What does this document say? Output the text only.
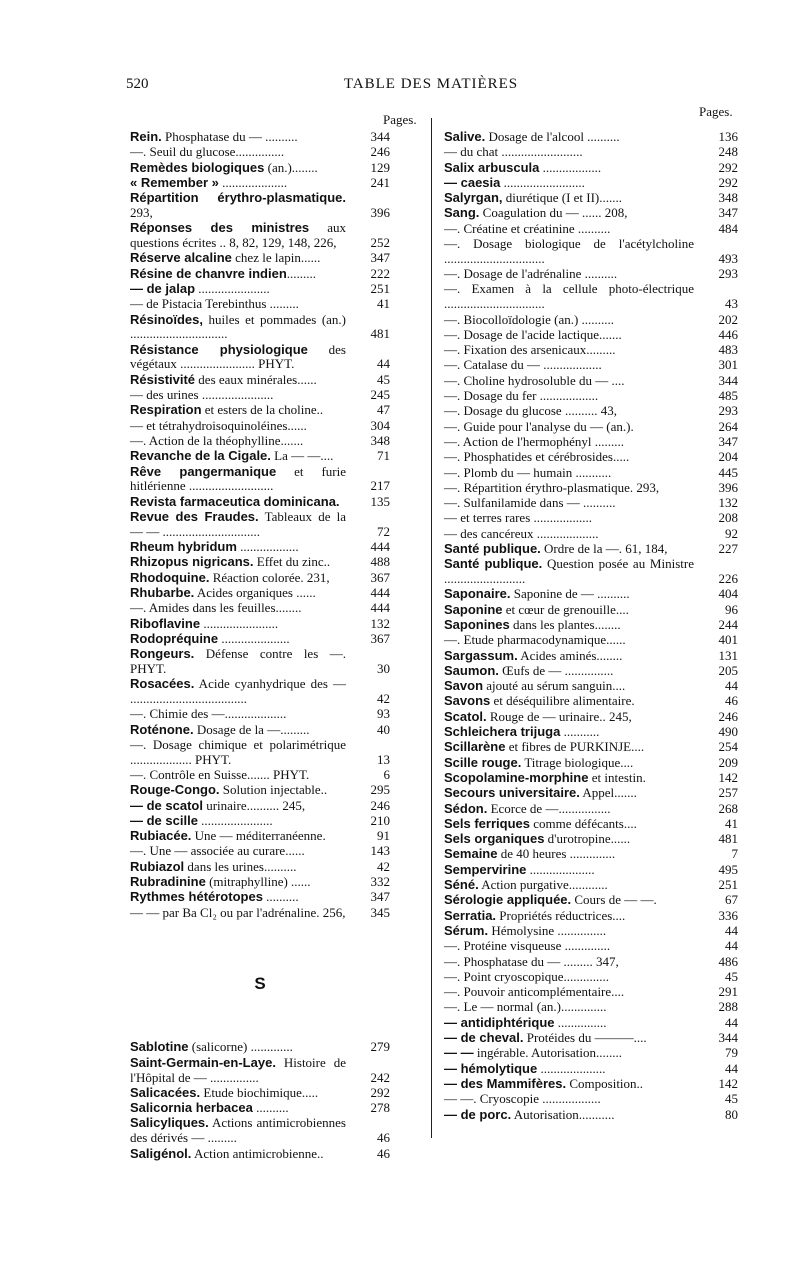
520	TABLE DES MATIÈRES
Pages.
Pages.
Rein. Phosphatase du — ..........	344
—. Seuil du glucose...............	246
Remèdes biologiques (an.)........	129
« Remember » ....................	241
Répartition érythro-plasmatique. 293,	396
Réponses des ministres aux questions écrites .. 8, 82, 129, 148, 226,	252
Réserve alcaline chez le lapin......	347
Résine de chanvre indien.........	222
— de jalap ......................	251
— de Pistacia Terebinthus .........	41
Résinoïdes, huiles et pommades (an.) ..............................	481
Résistance physiologique des végétaux ....................... PHYT.	44
Résistivité des eaux minérales......	45
— des urines ......................	245
Respiration et esters de la choline..	47
— et tétrahydroisoquinoléines......	304
—. Action de la théophylline.......	348
Revanche de la Cigale. La — —....	71
Rêve pangermanique et furie hitlérienne ..........................	217
Revista farmaceutica dominicana.	135
Revue des Fraudes. Tableaux de la — — ..............................	72
Rheum hybridum ..................	444
Rhizopus nigricans. Effet du zinc..	488
Rhodoquine. Réaction colorée. 231,	367
Rhubarbe. Acides organiques ......	444
—. Amides dans les feuilles........	444
Riboflavine .......................	132
Rodopréquine .....................	367
Rongeurs. Défense contre les —. PHYT.	30
Rosacées. Acide cyanhydrique des — ....................................	42
—. Chimie des —...................	93
Roténone. Dosage de la —.........	40
—. Dosage chimique et polarimétrique ................... PHYT.	13
—. Contrôle en Suisse....... PHYT.	6
Rouge-Congo. Solution injectable..	295
— de scatol urinaire.......... 245,	246
— de scille ......................	210
Rubiacée. Une — méditerranéenne.	91
—. Une — associée au curare......	143
Rubiazol dans les urines..........	42
Rubradinine (mitraphylline) ......	332
Rythmes hétérotopes ..........	347
— — par Ba Cl₂ ou par l'adrénaline. 256,	345
S
Sablotine (salicorne) .............	279
Saint-Germain-en-Laye. Histoire de l'Hôpital de — ...............	242
Salicacées. Etude biochimique.....	292
Salicornia herbacea ..........	278
Salicyliques. Actions antimicrobiennes des dérivés — .........	46
Saligénol. Action antimicrobienne..	46
Salive. Dosage de l'alcool ..........	136
— du chat .........................	248
Salix arbuscula ..................	292
— caesia .........................	292
Salyrgan, diurétique (I et II).......	348
Sang. Coagulation du — ...... 208,	347
—. Créatine et créatinine ..........	484
—. Dosage biologique de l'acétylcholine ...............................	493
—. Dosage de l'adrénaline ..........	293
—. Examen à la cellule photo-électrique ...............................	43
—. Biocolloïdologie (an.) ..........	202
—. Dosage de l'acide lactique.......	446
—. Fixation des arsenicaux.........	483
—. Catalase du — ..................	301
—. Choline hydrosoluble du — ....	344
—. Dosage du fer ..................	485
—. Dosage du glucose .......... 43,	293
—. Guide pour l'analyse du — (an.).	264
—. Action de l'hermophényl .........	347
—. Phosphatides et cérébrosides.....	204
—. Plomb du — humain ...........	445
—. Répartition érythro-plasmatique. 293,	396
—. Sulfanilamide dans — ..........	132
— et terres rares ..................	208
— des cancéreux ...................	92
Santé publique. Ordre de la —. 61, 184,	227
Santé publique. Question posée au Ministre .........................	226
Saponaire. Saponine de — ..........	404
Saponine et cœur de grenouille....	96
Saponines dans les plantes........	244
—. Etude pharmacodynamique......	401
Sargassum. Acides aminés........	131
Saumon. Œufs de — ...............	205
Savon ajouté au sérum sanguin....	44
Savons et déséquilibre alimentaire.	46
Scatol. Rouge de — urinaire.. 245,	246
Schleichera trijuga ...........	490
Scillarène et fibres de PURKINJE....	254
Scille rouge. Titrage biologique....	209
Scopolamine-morphine et intestin.	142
Secours universitaire. Appel.......	257
Sédon. Ecorce de —................	268
Sels ferriques comme défécants....	41
Sels organiques d'urotropine......	481
Semaine de 40 heures ..............	7
Sempervirine ....................	495
Séné. Action purgative............	251
Sérologie appliquée. Cours de — —.	67
Serratia. Propriétés réductrices....	336
Sérum. Hémolysine ...............	44
—. Protéine visqueuse ..............	44
—. Phosphatase du — ......... 347,	486
—. Point cryoscopique..............	45
—. Pouvoir anticomplémentaire....	291
—. Le — normal (an.)..............	288
— antidiphtérique ...............	44
— de cheval. Protéides du ———....	344
— — ingérable. Autorisation........	79
— hémolytique ....................	44
— des Mammifères. Composition..	142
— —. Cryoscopie ..................	45
— de porc. Autorisation...........	80
